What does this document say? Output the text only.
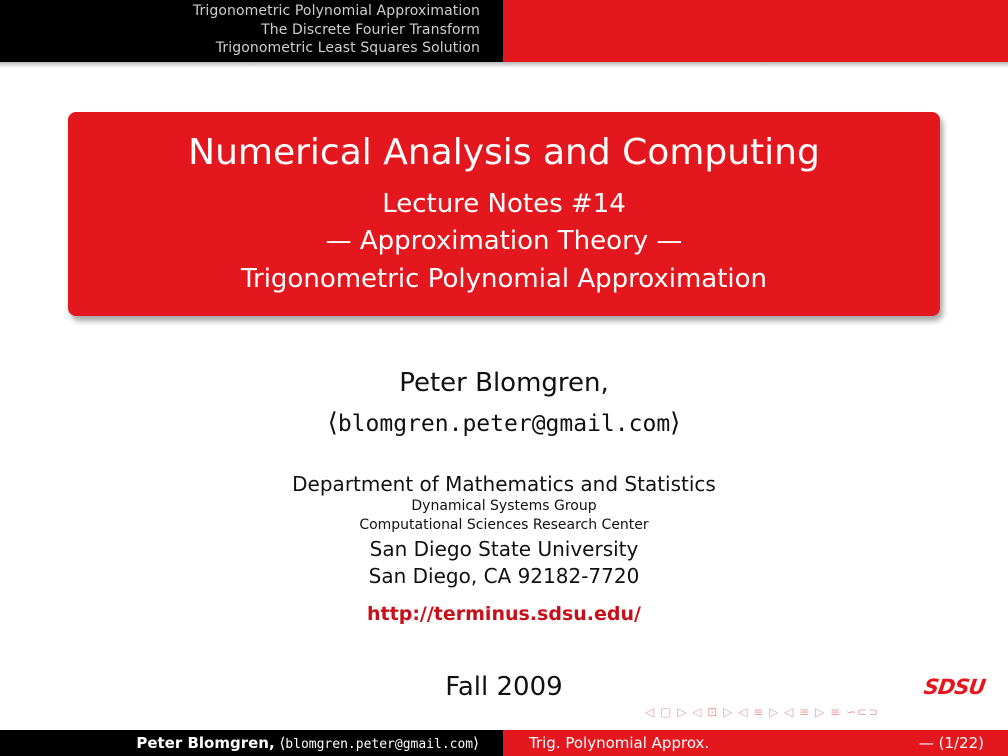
Trigonometric Polynomial Approximation
The Discrete Fourier Transform
Trigonometric Least Squares Solution
Numerical Analysis and Computing
Lecture Notes #14
— Approximation Theory —
Trigonometric Polynomial Approximation
Peter Blomgren,
⟨blomgren.peter@gmail.com⟩
Department of Mathematics and Statistics
Dynamical Systems Group
Computational Sciences Research Center
San Diego State University
San Diego, CA 92182-7720
http://terminus.sdsu.edu/
Fall 2009	SDSU
◁ ▢ ▷ ◁ ⊡ ▷ ◁ ≡ ▷ ◁ ≡ ▷ ≡ ∽⊂⊃
Peter Blomgren, ⟨blomgren.peter@gmail.com⟩	Trig. Polynomial Approx.	— (1/22)
